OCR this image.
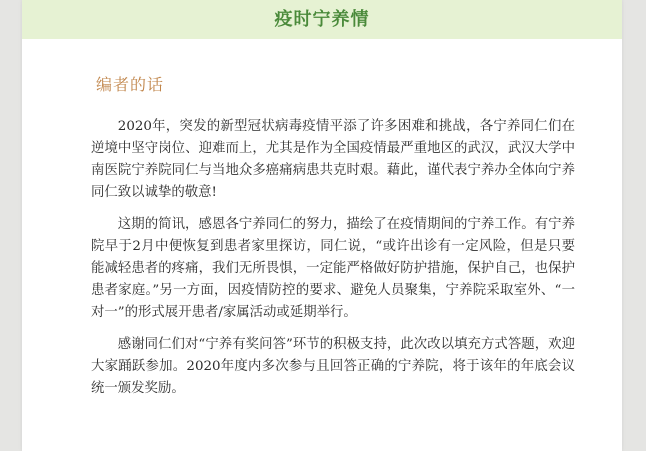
疫时宁养情
编者的话

2020年，突发的新型冠状病毒疫情平添了许多困难和挑战，各宁养同仁们在逆境中坚守岗位、迎难而上，尤其是作为全国疫情最严重地区的武汉，武汉大学中南医院宁养院同仁与当地众多癌痛病患共克时艰。藉此，谨代表宁养办全体向宁养同仁致以诚挚的敬意!

这期的简讯，感恩各宁养同仁的努力，描绘了在疫情期间的宁养工作。有宁养院早于2月中便恢复到患者家里探访，同仁说，“或许出诊有一定风险，但是只要能减轻患者的疼痛，我们无所畏惧，一定能严格做好防护措施，保护自己，也保护患者家庭。”另一方面，因疫情防控的要求、避免人员聚集，宁养院采取室外、“一对一”的形式展开患者/家属活动或延期举行。

感谢同仁们对“宁养有奖问答”环节的积极支持，此次改以填充方式答题，欢迎大家踊跃参加。2020年度内多次参与且回答正确的宁养院，将于该年的年底会议统一颁发奖励。
